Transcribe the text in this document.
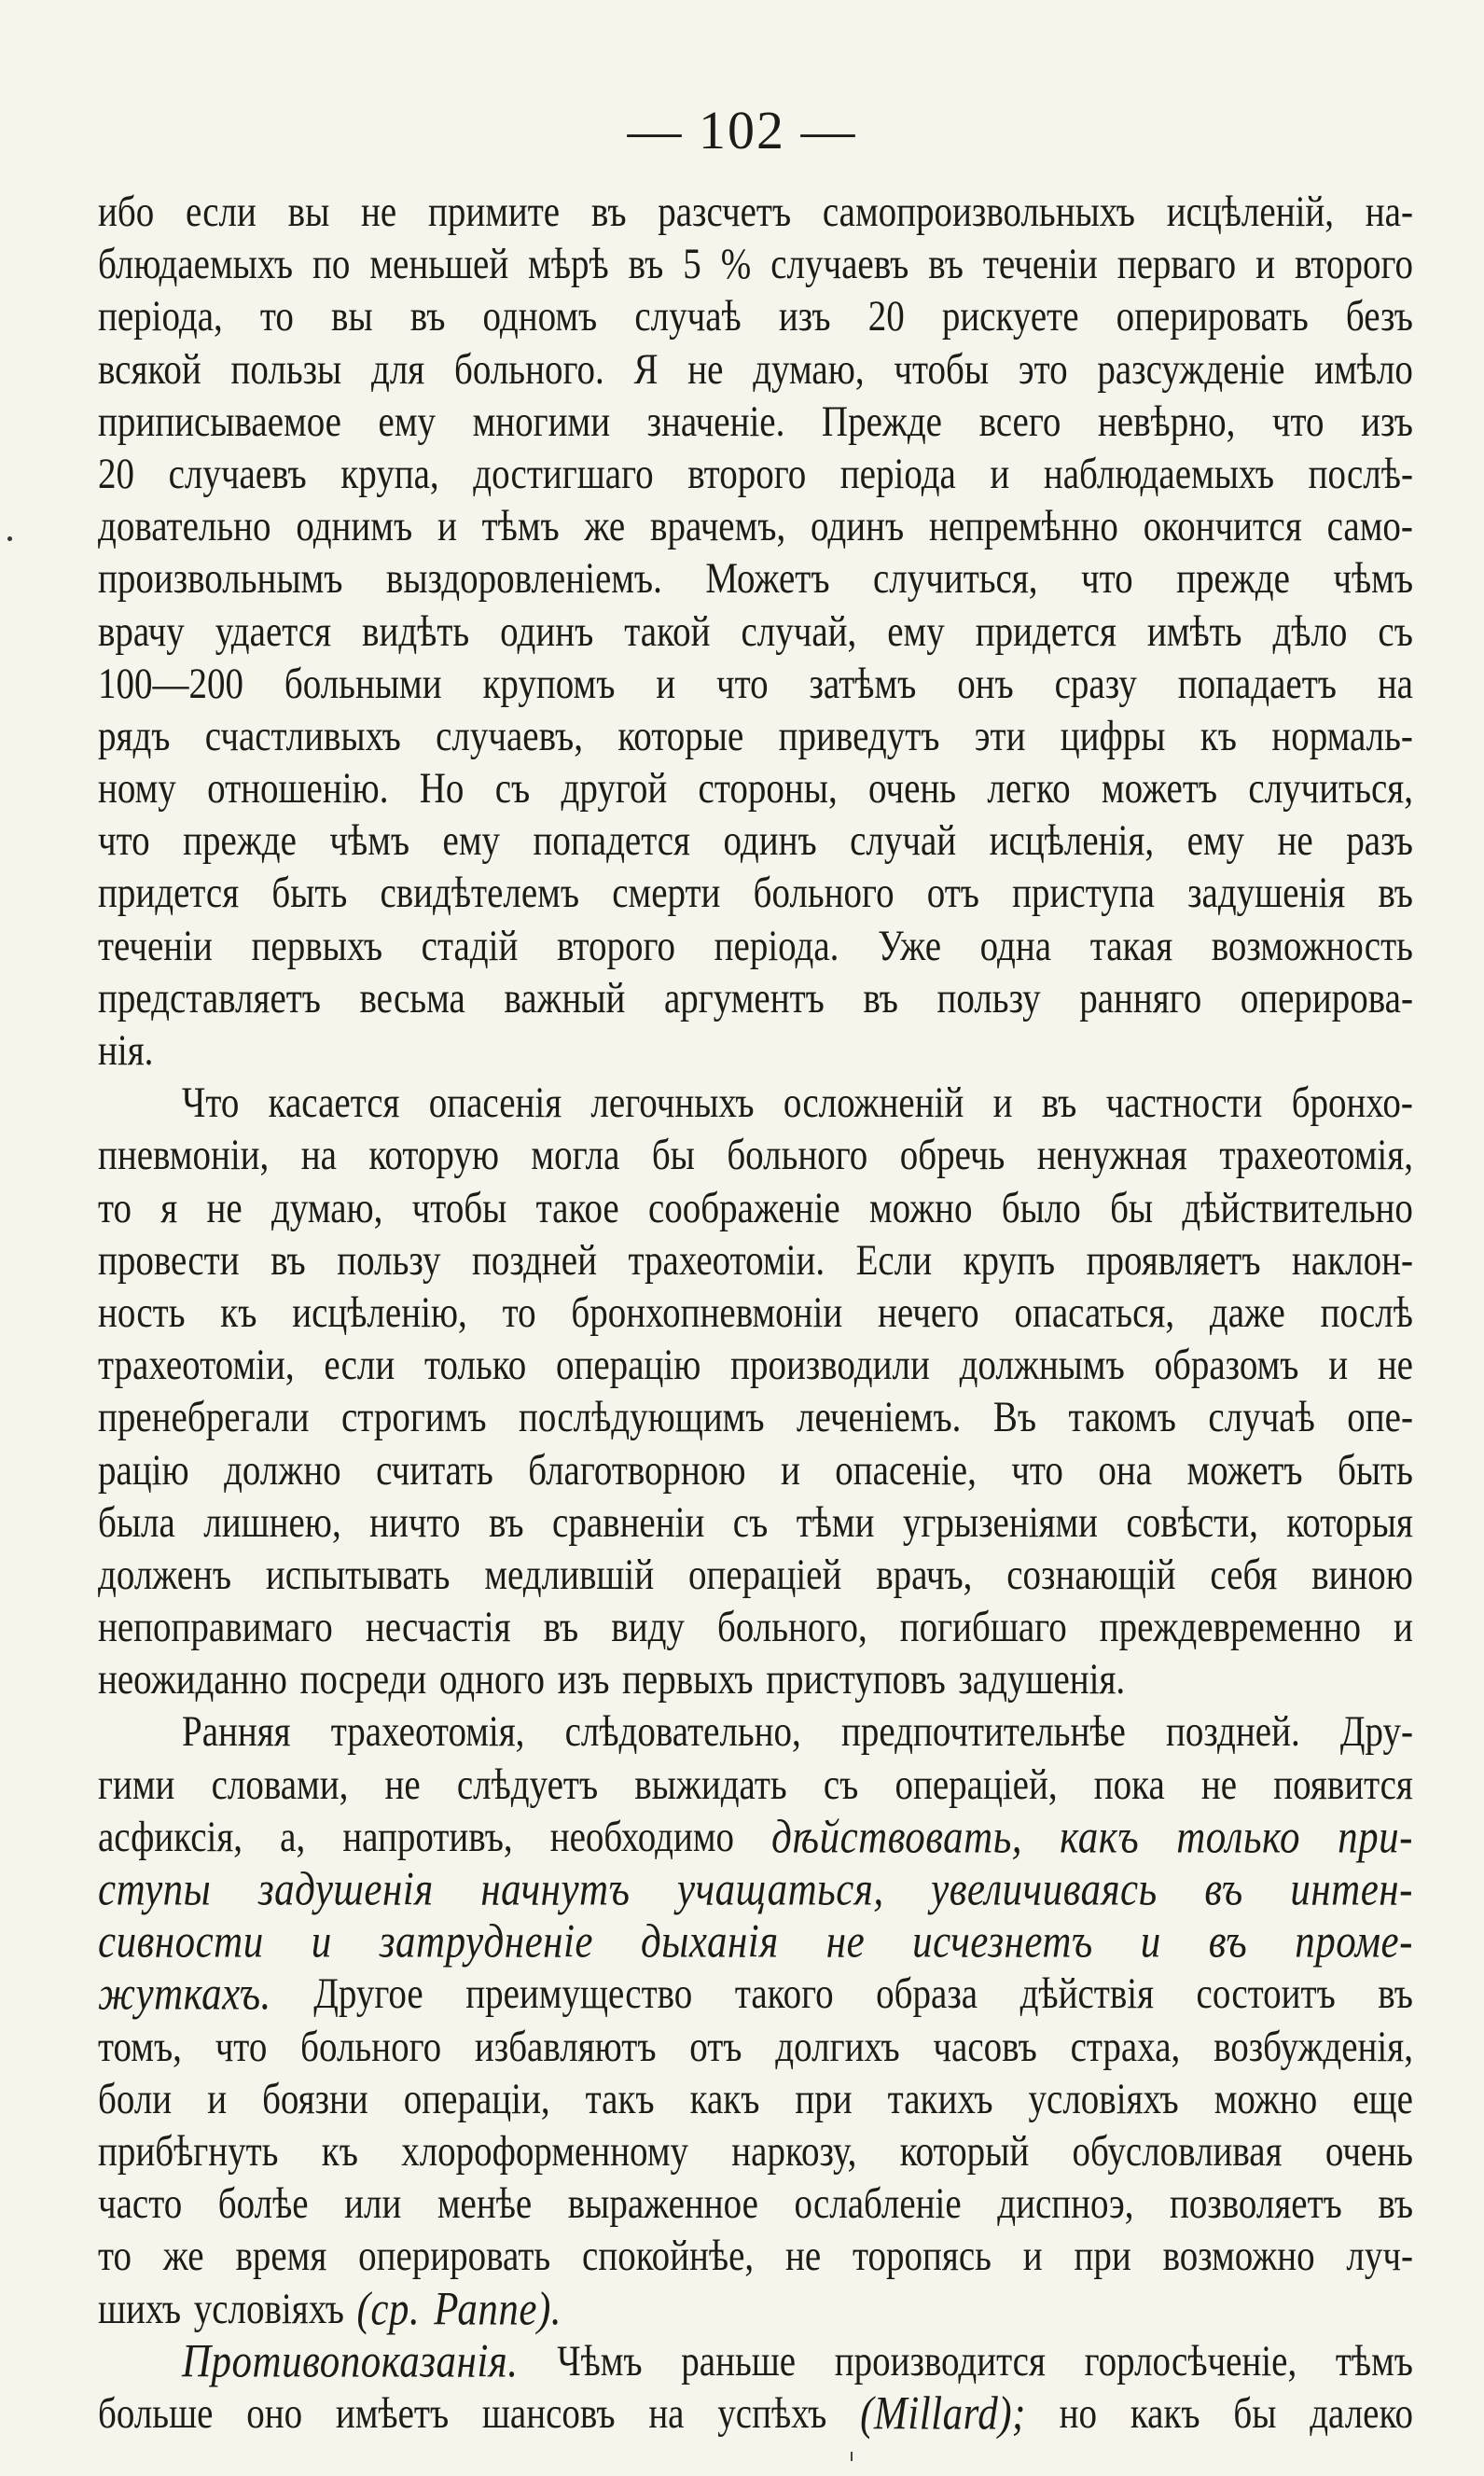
— 102 —
ибо если вы не примите въ разсчетъ самопроизвольныхъ исцѣленій, на-
блюдаемыхъ по меньшей мѣрѣ въ 5 % случаевъ въ теченіи перваго и второго
періода, то вы въ одномъ случаѣ изъ 20 рискуете оперировать безъ
всякой пользы для больного. Я не думаю, чтобы это разсужденіе имѣло
приписываемое ему многими значеніе. Прежде всего невѣрно, что изъ
20 случаевъ крупа, достигшаго второго періода и наблюдаемыхъ послѣ-
довательно однимъ и тѣмъ же врачемъ, одинъ непремѣнно окончится само-
произвольнымъ выздоровленіемъ. Можетъ случиться, что прежде чѣмъ
врачу удается видѣть одинъ такой случай, ему придется имѣть дѣло съ
100—200 больными крупомъ и что затѣмъ онъ сразу попадаетъ на
рядъ счастливыхъ случаевъ, которые приведутъ эти цифры къ нормаль-
ному отношенію. Но съ другой стороны, очень легко можетъ случиться,
что прежде чѣмъ ему попадется одинъ случай исцѣленія, ему не разъ
придется быть свидѣтелемъ смерти больного отъ приступа задушенія въ
теченіи первыхъ стадій второго періода. Уже одна такая возможность
представляетъ весьма важный аргументъ въ пользу ранняго оперирова-
нія.
Что касается опасенія легочныхъ осложненій и въ частности бронхо-
пневмоніи, на которую могла бы больного обречь ненужная трахеотомія,
то я не думаю, чтобы такое соображеніе можно было бы дѣйствительно
провести въ пользу поздней трахеотоміи. Если крупъ проявляетъ наклон-
ность къ исцѣленію, то бронхопневмоніи нечего опасаться, даже послѣ
трахеотоміи, если только операцію производили должнымъ образомъ и не
пренебрегали строгимъ послѣдующимъ леченіемъ. Въ такомъ случаѣ опе-
рацію должно считать благотворною и опасеніе, что она можетъ быть
была лишнею, ничто въ сравненіи съ тѣми угрызеніями совѣсти, которыя
долженъ испытывать медлившій операціей врачъ, сознающій себя виною
непоправимаго несчастія въ виду больного, погибшаго преждевременно и
неожиданно посреди одного изъ первыхъ приступовъ задушенія.
Ранняя трахеотомія, слѣдовательно, предпочтительнѣе поздней. Дру-
гими словами, не слѣдуетъ выжидать съ операціей, пока не появится
асфиксія, а, напротивъ, необходимо дѣйствовать, какъ только при-
ступы задушенія начнутъ учащаться, увеличиваясь въ интен-
сивности и затрудненіе дыханія не исчезнетъ и въ проме-
жуткахъ. Другое преимущество такого образа дѣйствія состоитъ въ
томъ, что больного избавляютъ отъ долгихъ часовъ страха, возбужденія,
боли и боязни операціи, такъ какъ при такихъ условіяхъ можно еще
прибѣгнуть къ хлороформенному наркозу, который обусловливая очень
часто болѣе или менѣе выраженное ослабленіе диспноэ, позволяетъ въ
то же время оперировать спокойнѣе, не торопясь и при возможно луч-
шихъ условіяхъ (ср. Раппе).
Противопоказанія. Чѣмъ раньше производится горлосѣченіе, тѣмъ
больше оно имѣетъ шансовъ на успѣхъ (Millard); но какъ бы далеко
